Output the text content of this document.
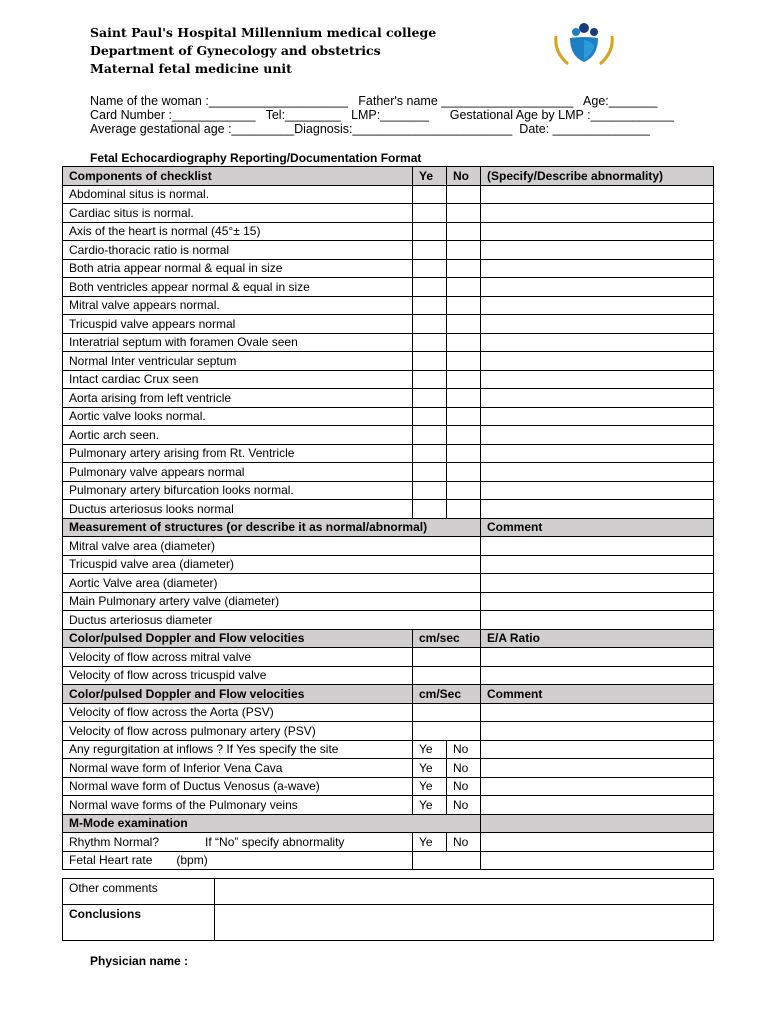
Saint Paul's Hospital Millennium medical college
Department of Gynecology and obstetrics
Maternal fetal medicine unit
Name of the woman :____________________   Father's name ___________________   Age:_______
Card Number :____________   Tel:________   LMP:_______      Gestational Age by LMP :____________
Average gestational age :_________Diagnosis:_______________________  Date: ______________
Fetal Echocardiography Reporting/Documentation Format
Components of checklist	Ye	No	(Specify/Describe abnormality)
Abdominal situs is normal.			
Cardiac situs is normal.			
Axis of the heart is normal (45°± 15)			
Cardio-thoracic ratio is normal			
Both atria appear normal & equal in size			
Both ventricles appear normal & equal in size			
Mitral valve appears normal.			
Tricuspid valve appears normal			
Interatrial septum with foramen Ovale seen			
Normal Inter ventricular septum			
Intact cardiac Crux seen			
Aorta arising from left ventricle			
Aortic valve looks normal.			
Aortic arch seen.			
Pulmonary artery arising from Rt. Ventricle			
Pulmonary valve appears normal			
Pulmonary artery bifurcation looks normal.			
Ductus arteriosus looks normal			
Measurement of structures (or describe it as normal/abnormal)			Comment
Mitral valve area (diameter)			
Tricuspid valve area (diameter)			
Aortic Valve area (diameter)			
Main Pulmonary artery valve (diameter)			
Ductus arteriosus diameter			
Color/pulsed Doppler and Flow velocities	cm/sec		E/A Ratio
Velocity of flow across mitral valve			
Velocity of flow across tricuspid valve			
Color/pulsed Doppler and Flow velocities	cm/Sec		Comment
Velocity of flow across the Aorta (PSV)			
Velocity of flow across pulmonary artery (PSV)			
Any regurgitation at inflows ? If Yes specify the site	Ye	No	
Normal wave form of Inferior Vena Cava	Ye	No	
Normal wave form of Ductus Venosus (a-wave)	Ye	No	
Normal wave forms of the Pulmonary veins	Ye	No	
M-Mode examination			
Rhythm Normal? If “No” specify abnormality	Ye	No	
Fetal Heart rate (bpm)			
Other comments	
Conclusions	
Physician name :
